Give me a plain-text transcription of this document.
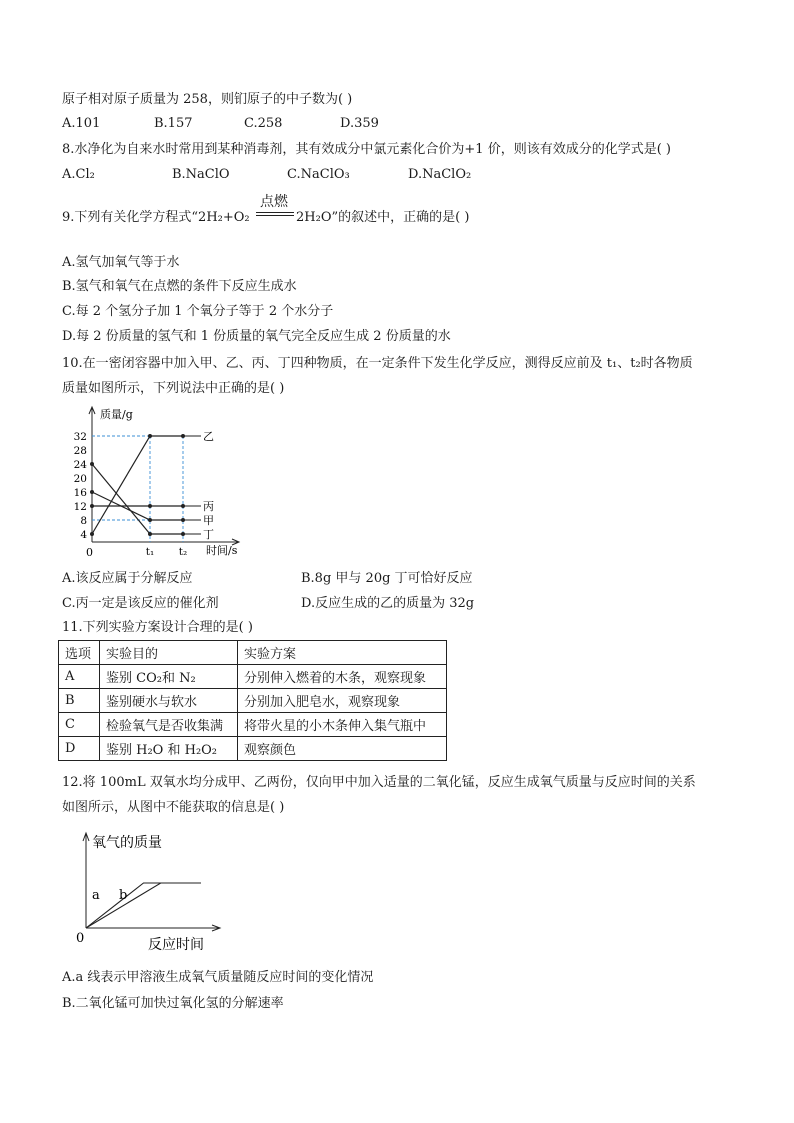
原子相对原子质量为 258，则钔原子的中子数为( )
A.101	B.157	C.258	D.359
8.水净化为自来水时常用到某种消毒剂，其有效成分中氯元素化合价为+1 价，则该有效成分的化学式是( )
A.Cl₂	B.NaClO	C.NaClO₃	D.NaClO₂
9.下列有关化学方程式“2H₂+O₂
点燃
2H₂O”的叙述中，正确的是( )
A.氢气加氧气等于水
B.氢气和氧气在点燃的条件下反应生成水
C.每 2 个氢分子加 1 个氧分子等于 2 个水分子
D.每 2 份质量的氢气和 1 份质量的氧气完全反应生成 2 份质量的水
10.在一密闭容器中加入甲、乙、丙、丁四种物质，在一定条件下发生化学反应，测得反应前及 t₁、t₂时各物质
质量如图所示，下列说法中正确的是( )
质量/g
时间/s
0
4
8
12
16
20
24
28
32
t₁ t₂
乙
丙
甲
丁
A.该反应属于分解反应	B.8g 甲与 20g 丁可恰好反应
C.丙一定是该反应的催化剂	D.反应生成的乙的质量为 32g
11.下列实验方案设计合理的是( )
选项	实验目的	实验方案
A	鉴别 CO₂和 N₂	分别伸入燃着的木条，观察现象
B	鉴别硬水与软水	分别加入肥皂水，观察现象
C	检验氧气是否收集满	将带火星的小木条伸入集气瓶中
D	鉴别 H₂O 和 H₂O₂	观察颜色
12.将 100mL 双氧水均分成甲、乙两份，仅向甲中加入适量的二氧化锰，反应生成氧气质量与反应时间的关系
如图所示，从图中不能获取的信息是( )
氧气的质量
反应时间
0
a b
A.a 线表示甲溶液生成氧气质量随反应时间的变化情况
B.二氧化锰可加快过氧化氢的分解速率
